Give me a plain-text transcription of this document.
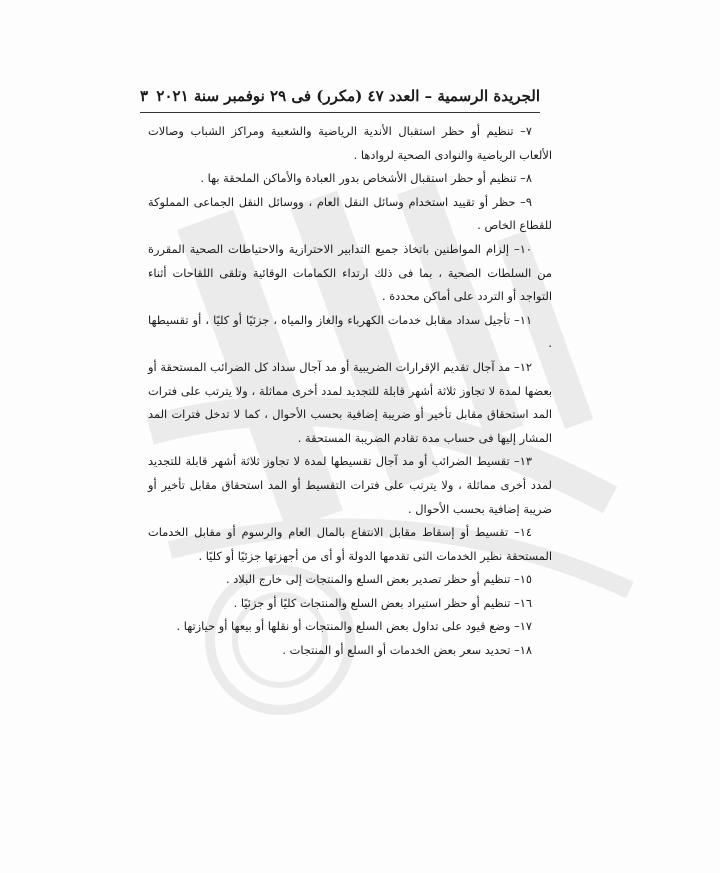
الجريدة الرسمية – العدد ٤٧ (مكرر) فى ٢٩ نوفمبر سنة ٢٠٢١
٣

٧– تنظيم أو حظر استقبال الأندية الرياضية والشعبية ومراكز الشباب وصالات الألعاب الرياضية والنوادى الصحية لروادها .

٨– تنظيم أو حظر استقبال الأشخاص بدور العبادة والأماكن الملحقة بها .

٩– حظر أو تقييد استخدام وسائل النقل العام ، ووسائل النقل الجماعى المملوكة للقطاع الخاص .

١٠– إلزام المواطنين باتخاذ جميع التدابير الاحترازية والاحتياطات الصحية المقررة من السلطات الصحية ، بما فى ذلك ارتداء الكمامات الوقائية وتلقى اللقاحات أثناء التواجد أو التردد على أماكن محددة .

١١– تأجيل سداد مقابل خدمات الكهرباء والغاز والمياه ، جزئيًا أو كليًا ، أو تقسيطها .

١٢– مد آجال تقديم الإقرارات الضريبية أو مد آجال سداد كل الضرائب المستحقة أو بعضها لمدة لا تجاوز ثلاثة أشهر قابلة للتجديد لمدد أخرى مماثلة ، ولا يترتب على فترات المد استحقاق مقابل تأخير أو ضريبة إضافية بحسب الأحوال ، كما لا تدخل فترات المد المشار إليها فى حساب مدة تقادم الضريبة المستحقة .

١٣– تقسيط الضرائب أو مد آجال تقسيطها لمدة لا تجاوز ثلاثة أشهر قابلة للتجديد لمدد أخرى مماثلة ، ولا يترتب على فترات التقسيط أو المد استحقاق مقابل تأخير أو ضريبة إضافية بحسب الأحوال .

١٤– تقسيط أو إسقاط مقابل الانتفاع بالمال العام والرسوم أو مقابل الخدمات المستحقة نظير الخدمات التى تقدمها الدولة أو أى من أجهزتها جزئيًا أو كليًا .

١٥– تنظيم أو حظر تصدير بعض السلع والمنتجات إلى خارج البلاد .

١٦– تنظيم أو حظر استيراد بعض السلع والمنتجات كليًا أو جزئيًا .

١٧– وضع قيود على تداول بعض السلع والمنتجات أو نقلها أو بيعها أو حيازتها .

١٨– تحديد سعر بعض الخدمات أو السلع أو المنتجات .
